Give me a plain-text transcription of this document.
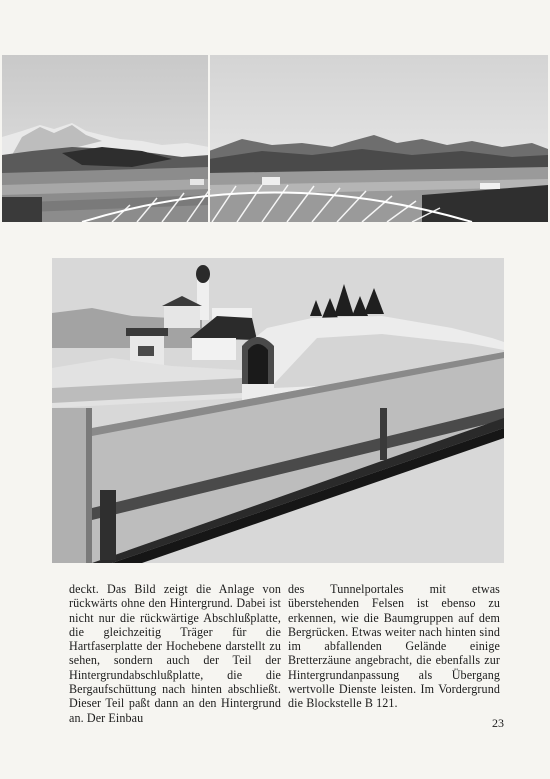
deckt. Das Bild zeigt die Anlage von rückwärts ohne den Hintergrund. Dabei ist nicht nur die rückwärtige Abschlußplatte, die gleichzeitig Träger für die Hartfaserplatte der Hochebene darstellt zu sehen, sondern auch der Teil der Hintergrundabschlußplatte, die die Bergaufschüttung nach hinten abschließt. Dieser Teil paßt dann an den Hintergrund an. Der Einbau

des Tunnelportales mit etwas überstehenden Felsen ist ebenso zu erkennen, wie die Baumgruppen auf dem Bergrücken. Etwas weiter nach hinten sind im abfallenden Gelände einige Bretterzäune angebracht, die ebenfalls zur Hintergrundanpassung als Übergang wertvolle Dienste leisten. Im Vordergrund die Blockstelle B 121.

23
